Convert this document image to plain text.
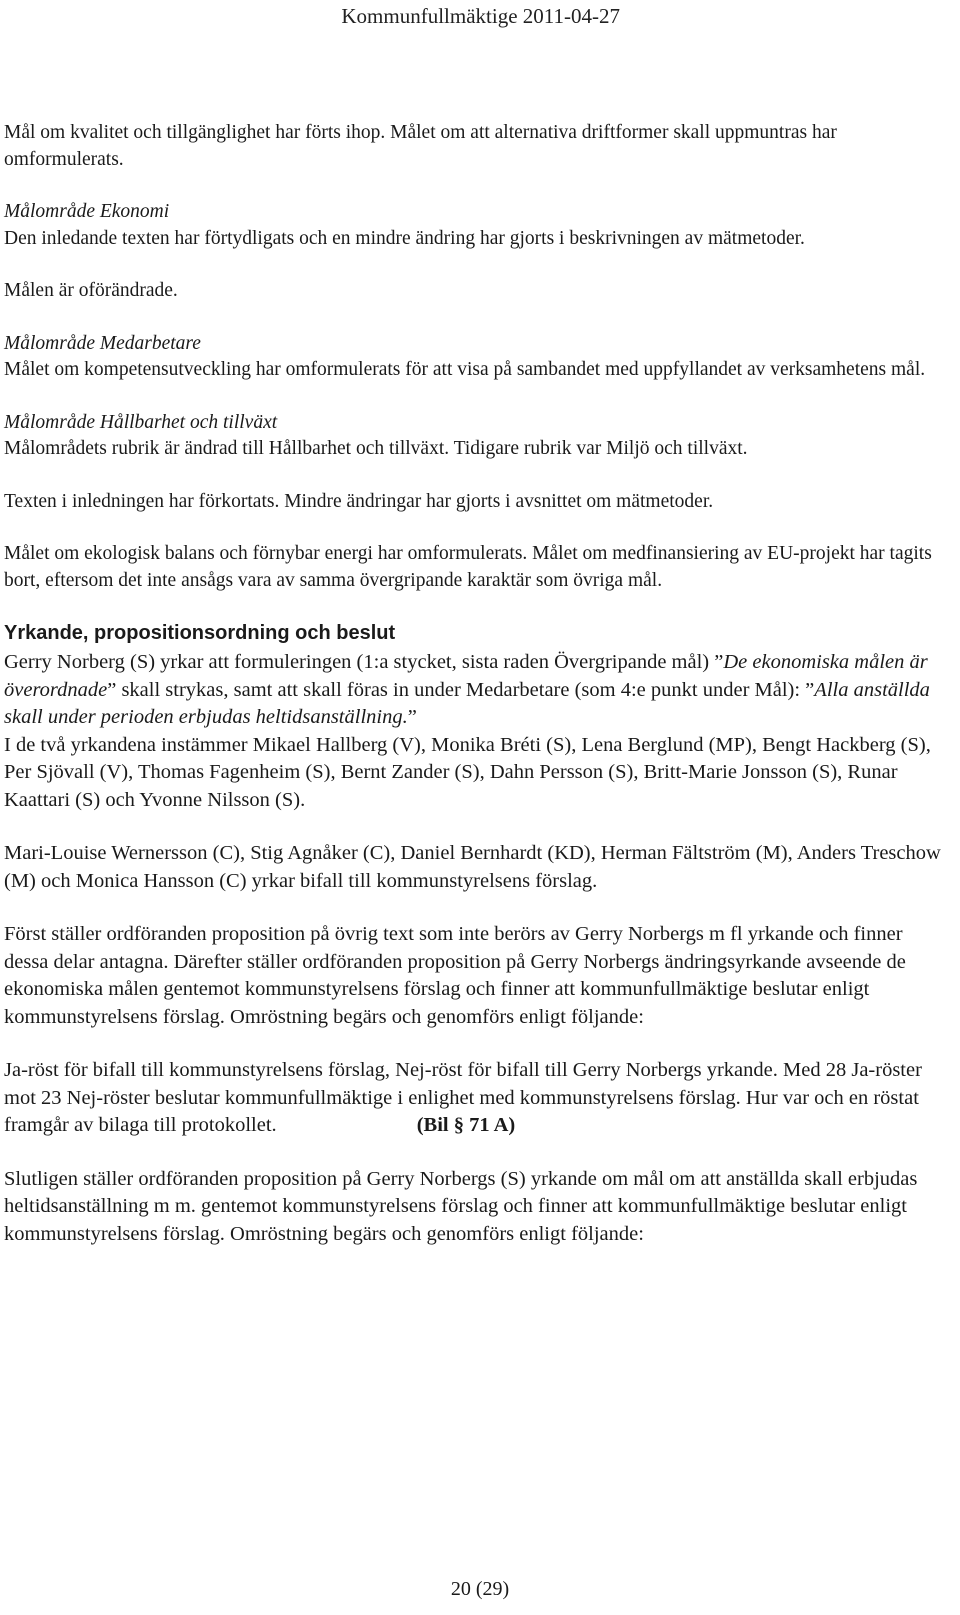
Kommunfullmäktige 2011-04-27

Mål om kvalitet och tillgänglighet har förts ihop. Målet om att alternativa driftformer skall uppmuntras har omformulerats.

Målområde Ekonomi

Den inledande texten har förtydligats och en mindre ändring har gjorts i beskrivningen av mätmetoder.

Målen är oförändrade.

Målområde Medarbetare

Målet om kompetensutveckling har omformulerats för att visa på sambandet med uppfyllandet av verksamhetens mål.

Målområde Hållbarhet och tillväxt

Målområdets rubrik är ändrad till Hållbarhet och tillväxt. Tidigare rubrik var Miljö och tillväxt.

Texten i inledningen har förkortats. Mindre ändringar har gjorts i avsnittet om mätmetoder.

Målet om ekologisk balans och förnybar energi har omformulerats. Målet om medfinansiering av EU-projekt har tagits bort, eftersom det inte ansågs vara av samma övergripande karaktär som övriga mål.

Yrkande, propositionsordning och beslut

Gerry Norberg (S) yrkar att formuleringen (1:a stycket, sista raden Övergripande mål) ”De ekonomiska målen är överordnade” skall strykas, samt att skall föras in under Medarbetare (som 4:e punkt under Mål): ”Alla anställda skall under perioden erbjudas heltidsanställning.”

I de två yrkandena instämmer Mikael Hallberg (V), Monika Bréti (S), Lena Berglund (MP), Bengt Hackberg (S), Per Sjövall (V), Thomas Fagenheim (S), Bernt Zander (S), Dahn Persson (S), Britt-Marie Jonsson (S), Runar Kaattari (S) och Yvonne Nilsson (S).

Mari-Louise Wernersson (C), Stig Agnåker (C), Daniel Bernhardt (KD), Herman Fältström (M), Anders Treschow (M) och Monica Hansson (C) yrkar bifall till kommunstyrelsens förslag.

Först ställer ordföranden proposition på övrig text som inte berörs av Gerry Norbergs m fl yrkande och finner dessa delar antagna. Därefter ställer ordföranden proposition på Gerry Norbergs ändringsyrkande avseende de ekonomiska målen gentemot kommunstyrelsens förslag och finner att kommunfullmäktige beslutar enligt kommunstyrelsens förslag. Omröstning begärs och genomförs enligt följande:

Ja-röst för bifall till kommunstyrelsens förslag, Nej-röst för bifall till Gerry Norbergs yrkande. Med 28 Ja-röster mot 23 Nej-röster beslutar kommunfullmäktige i enlighet med kommunstyrelsens förslag. Hur var och en röstat framgår av bilaga till protokollet.	(Bil § 71 A)

Slutligen ställer ordföranden proposition på Gerry Norbergs (S) yrkande om mål om att anställda skall erbjudas heltidsanställning m m. gentemot kommunstyrelsens förslag och finner att kommunfullmäktige beslutar enligt kommunstyrelsens förslag. Omröstning begärs och genomförs enligt följande:

20 (29)
